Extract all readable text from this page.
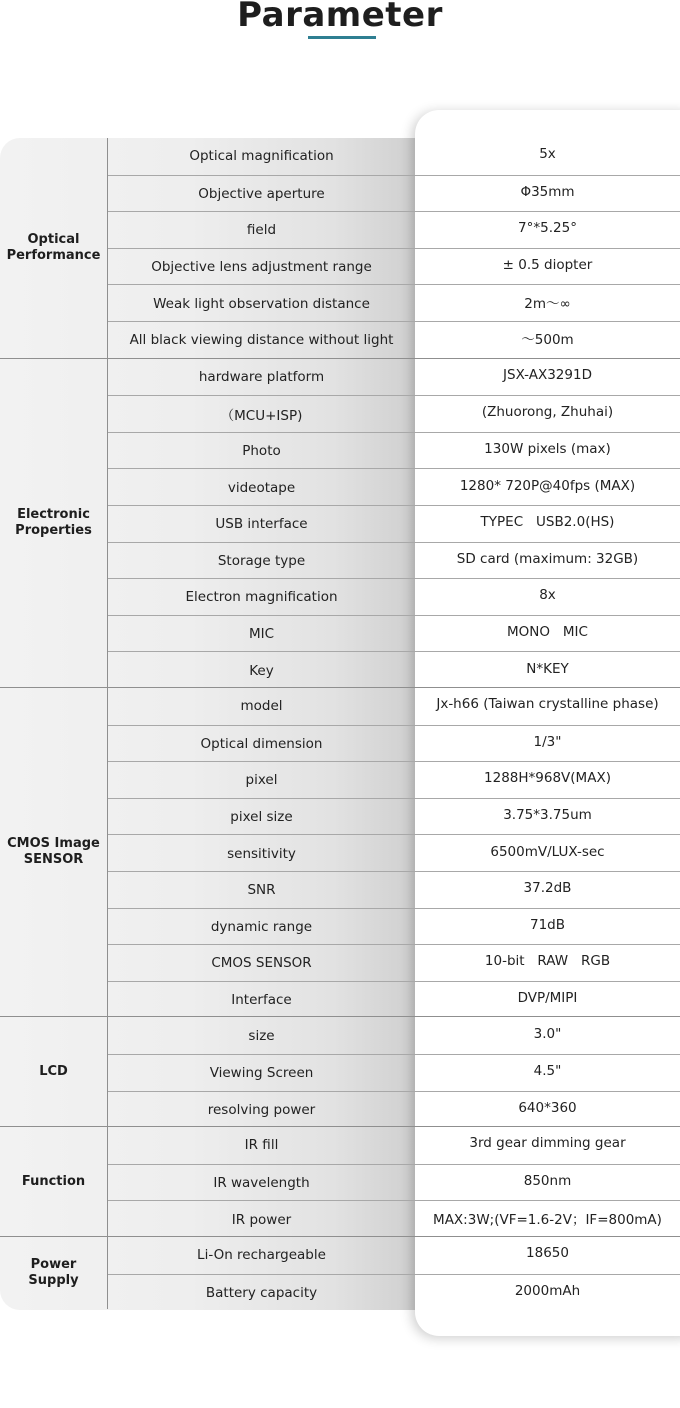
Parameter
Optical
Performance
Optical magnification	5x
Objective aperture	Φ35mm
field	7°*5.25°
Objective lens adjustment range	± 0.5 diopter
Weak light observation distance	2m～∞
All black viewing distance without light	～500m
Electronic
Properties
hardware platform	JSX-AX3291D
（MCU+ISP)	(Zhuorong, Zhuhai)
Photo	130W pixels (max)
videotape	1280* 720P@40fps (MAX)
USB interface	TYPEC   USB2.0(HS)
Storage type	SD card (maximum: 32GB)
Electron magnification	8x
MIC	MONO   MIC
Key	N*KEY
CMOS Image
SENSOR
model	Jx-h66 (Taiwan crystalline phase)
Optical dimension	1/3"
pixel	1288H*968V(MAX)
pixel size	3.75*3.75um
sensitivity	6500mV/LUX-sec
SNR	37.2dB
dynamic range	71dB
CMOS SENSOR	10-bit   RAW   RGB
Interface	DVP/MIPI
LCD
size	3.0"
Viewing Screen	4.5"
resolving power	640*360
Function
IR fill	3rd gear dimming gear
IR wavelength	850nm
IR power	MAX:3W;(VF=1.6-2V；IF=800mA)
Power
Supply
Li-On rechargeable	18650
Battery capacity	2000mAh
